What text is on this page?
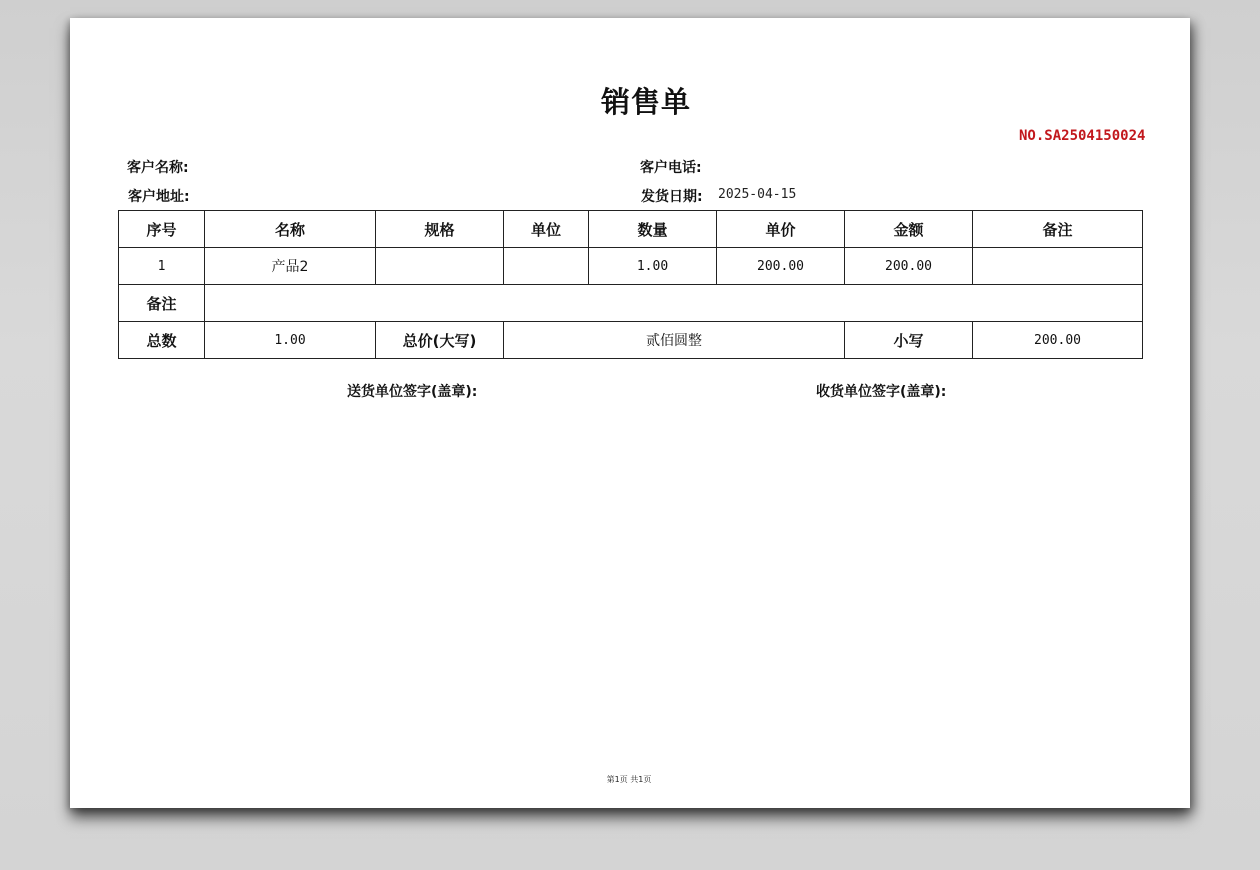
销售单
NO.SA2504150024
客户名称:	客户电话:
客户地址:	发货日期: 2025-04-15
序号	名称	规格	单位	数量	单价	金额	备注
1	产品2			1.00	200.00	200.00	
备注							
总数	1.00	总价(大写)	贰佰圆整			小写	200.00
送货单位签字(盖章):	收货单位签字(盖章):
第1页 共1页
